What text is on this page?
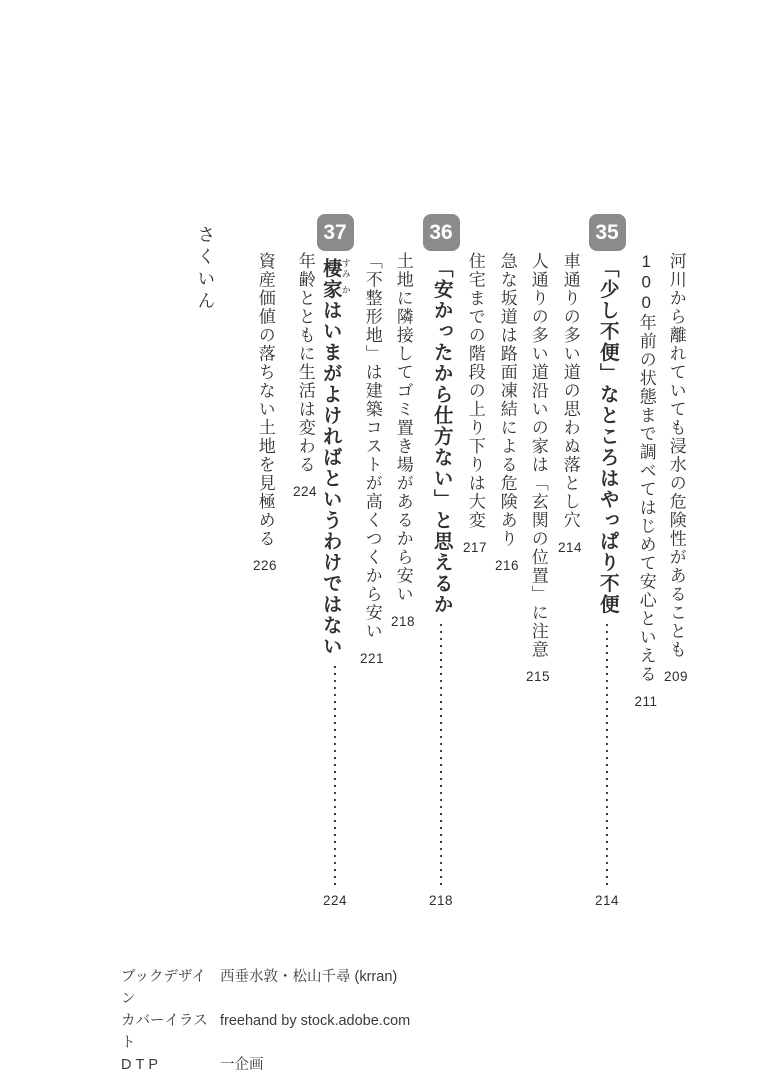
河川から離れていても浸水の危険性があることも
209
100年前の状態まで調べてはじめて安心といえる
211
35
「少し不便」なところはやっぱり不便
214
車通りの多い道の思わぬ落とし穴
214
人通りの多い道沿いの家は「玄関の位置」に注意
215
急な坂道は路面凍結による危険あり
216
住宅までの階段の上り下りは大変
217
36
「安かったから仕方ない」と思えるか
218
土地に隣接してゴミ置き場があるから安い
218
「不整形地」は建築コストが高くつくから安い
221
37
棲 すみ家 かはいまがよければというわけではない
224
年齢とともに生活は変わる
224
資産価値の落ちない土地を見極める
226
さくいん
ブックデザイン
西垂水敦・松山千尋 (krran)
カバーイラスト
freehand by stock.adobe.com
DTP	一企画
